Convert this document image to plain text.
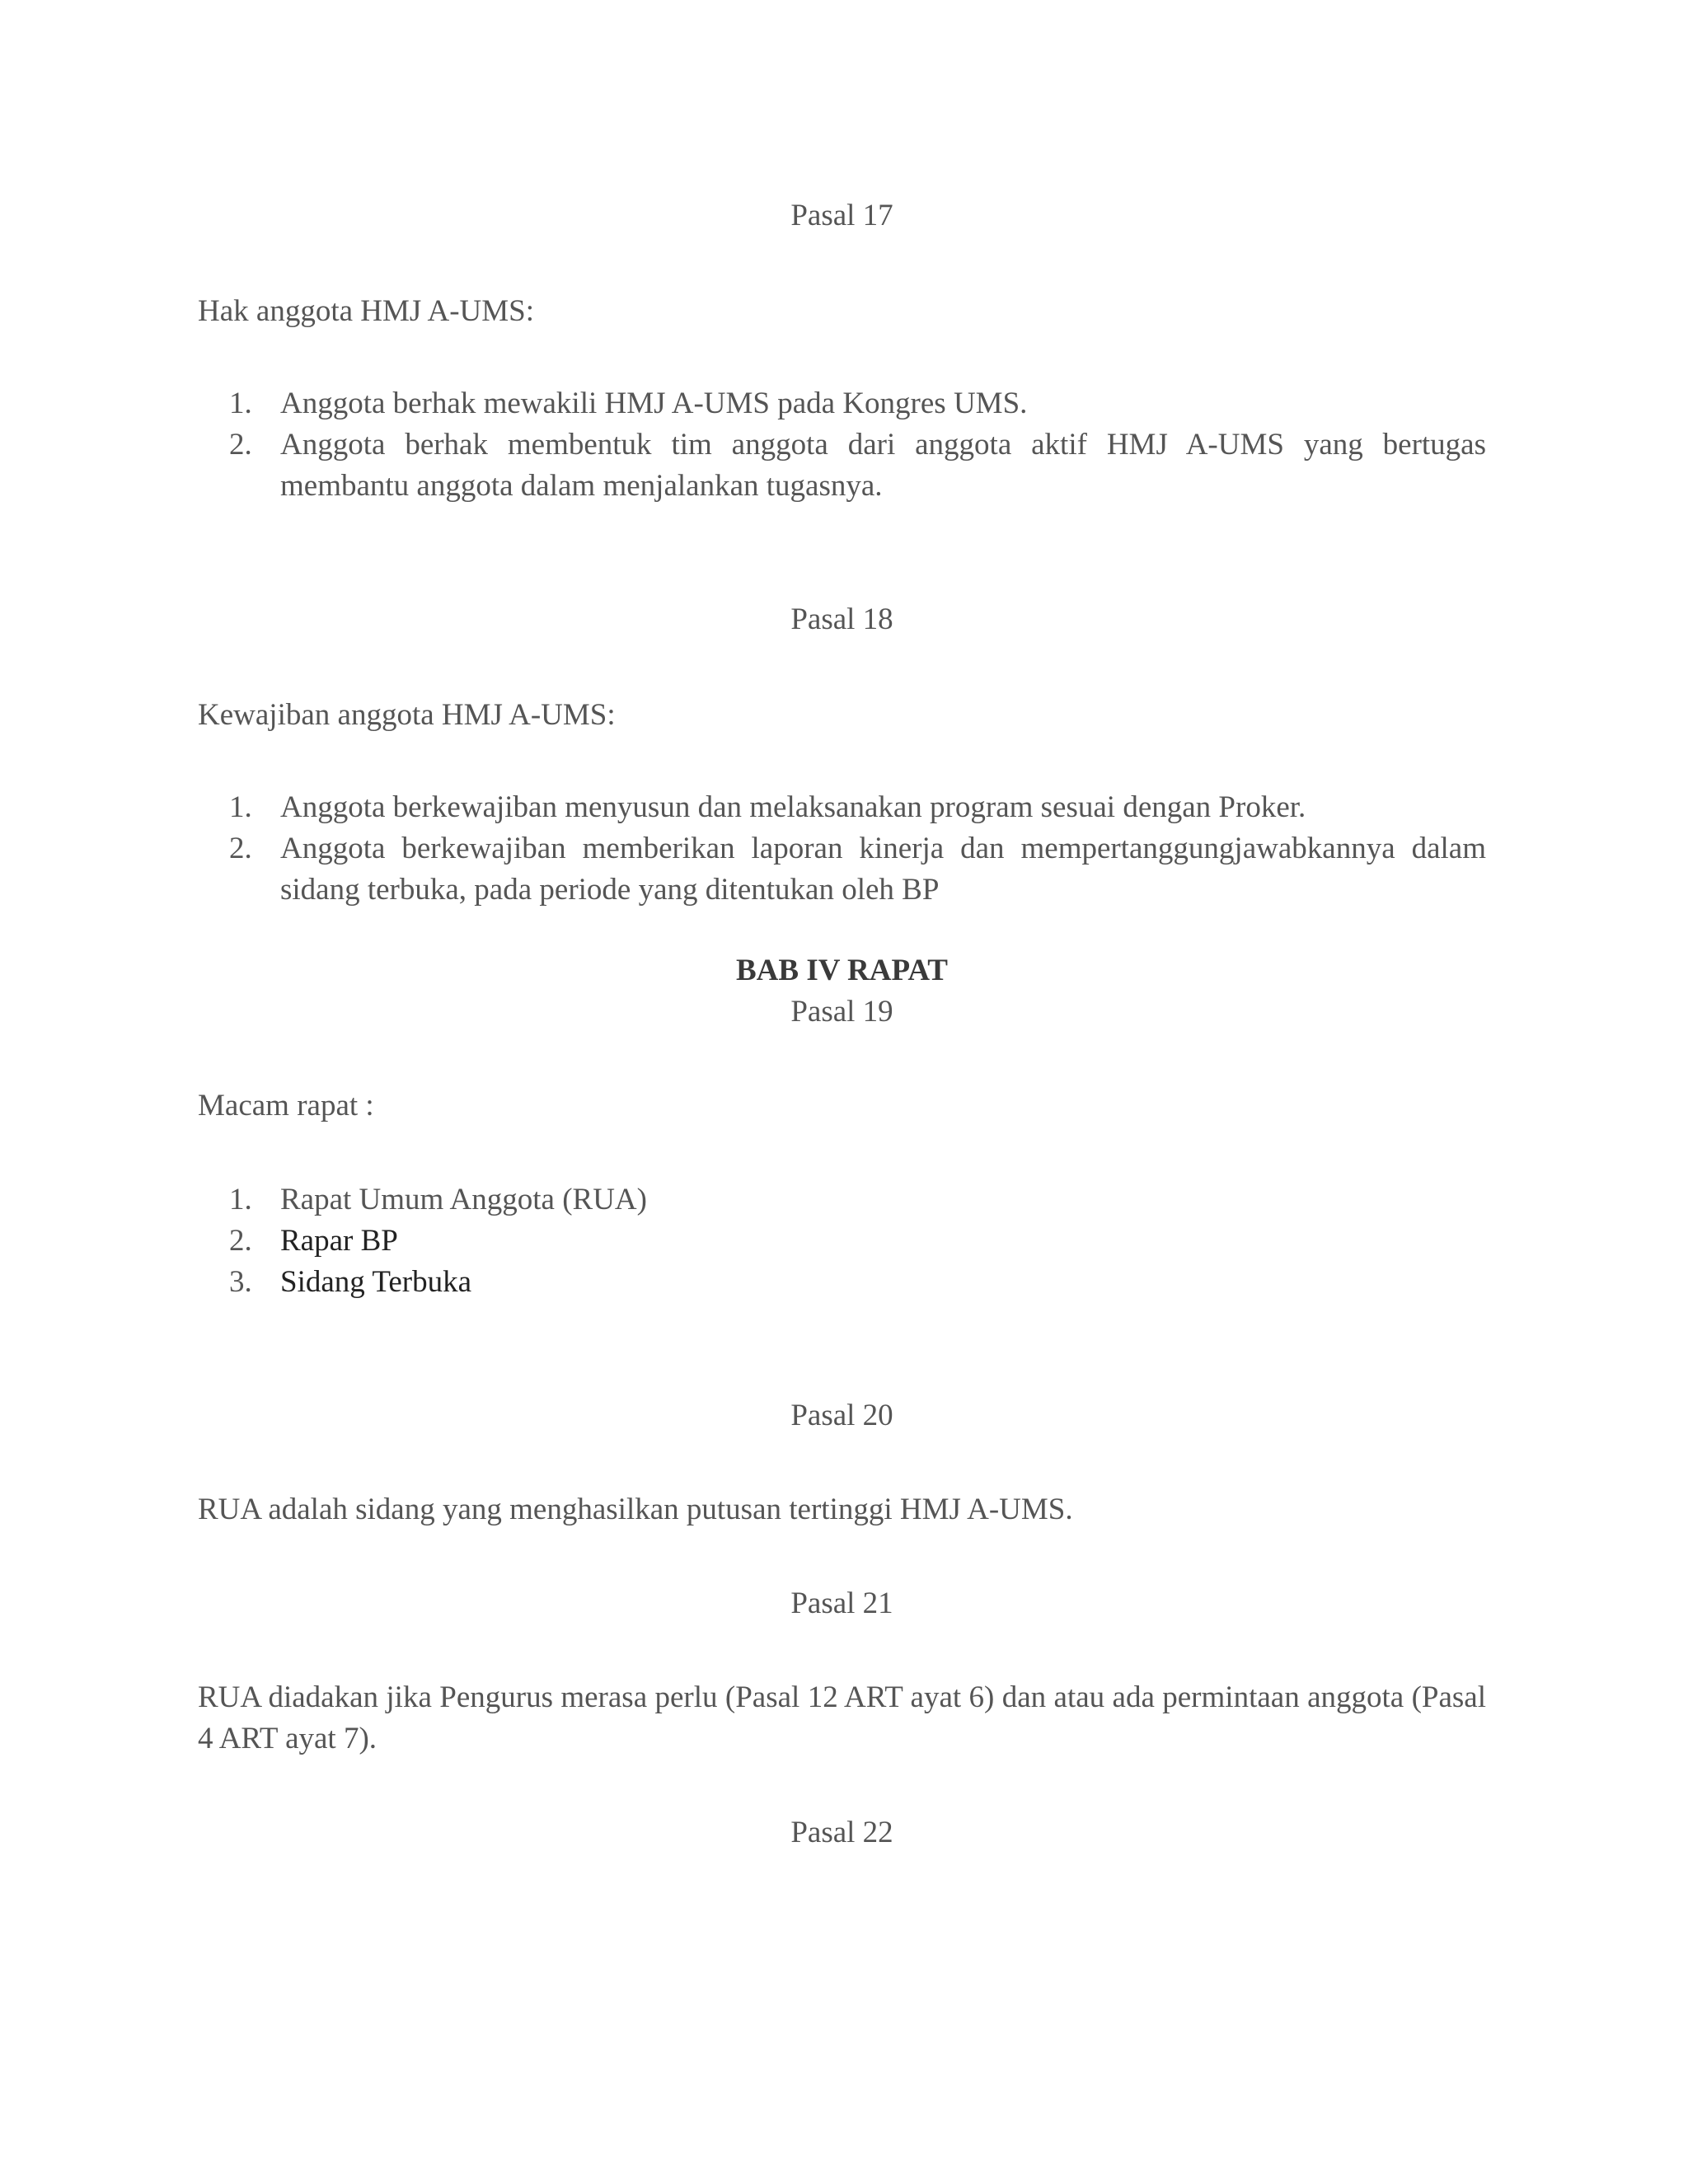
Pasal 17

Hak anggota HMJ A-UMS:

1. Anggota berhak mewakili HMJ A-UMS pada Kongres UMS.
2. Anggota berhak membentuk tim anggota dari anggota aktif HMJ A-UMS yang bertugas membantu anggota dalam menjalankan tugasnya.

Pasal 18

Kewajiban anggota HMJ A-UMS:

1. Anggota berkewajiban menyusun dan melaksanakan program sesuai dengan Proker.
2. Anggota berkewajiban memberikan laporan kinerja dan mempertanggungjawabkannya dalam sidang terbuka, pada periode yang ditentukan oleh BP

BAB IV RAPAT

Pasal 19

Macam rapat :

1. Rapat Umum Anggota (RUA)
2. Rapar BP
3. Sidang Terbuka

Pasal 20

RUA adalah sidang yang menghasilkan putusan tertinggi HMJ A-UMS.

Pasal 21

RUA diadakan jika Pengurus merasa perlu (Pasal 12 ART ayat 6) dan atau ada permintaan anggota (Pasal 4 ART ayat 7).

Pasal 22
